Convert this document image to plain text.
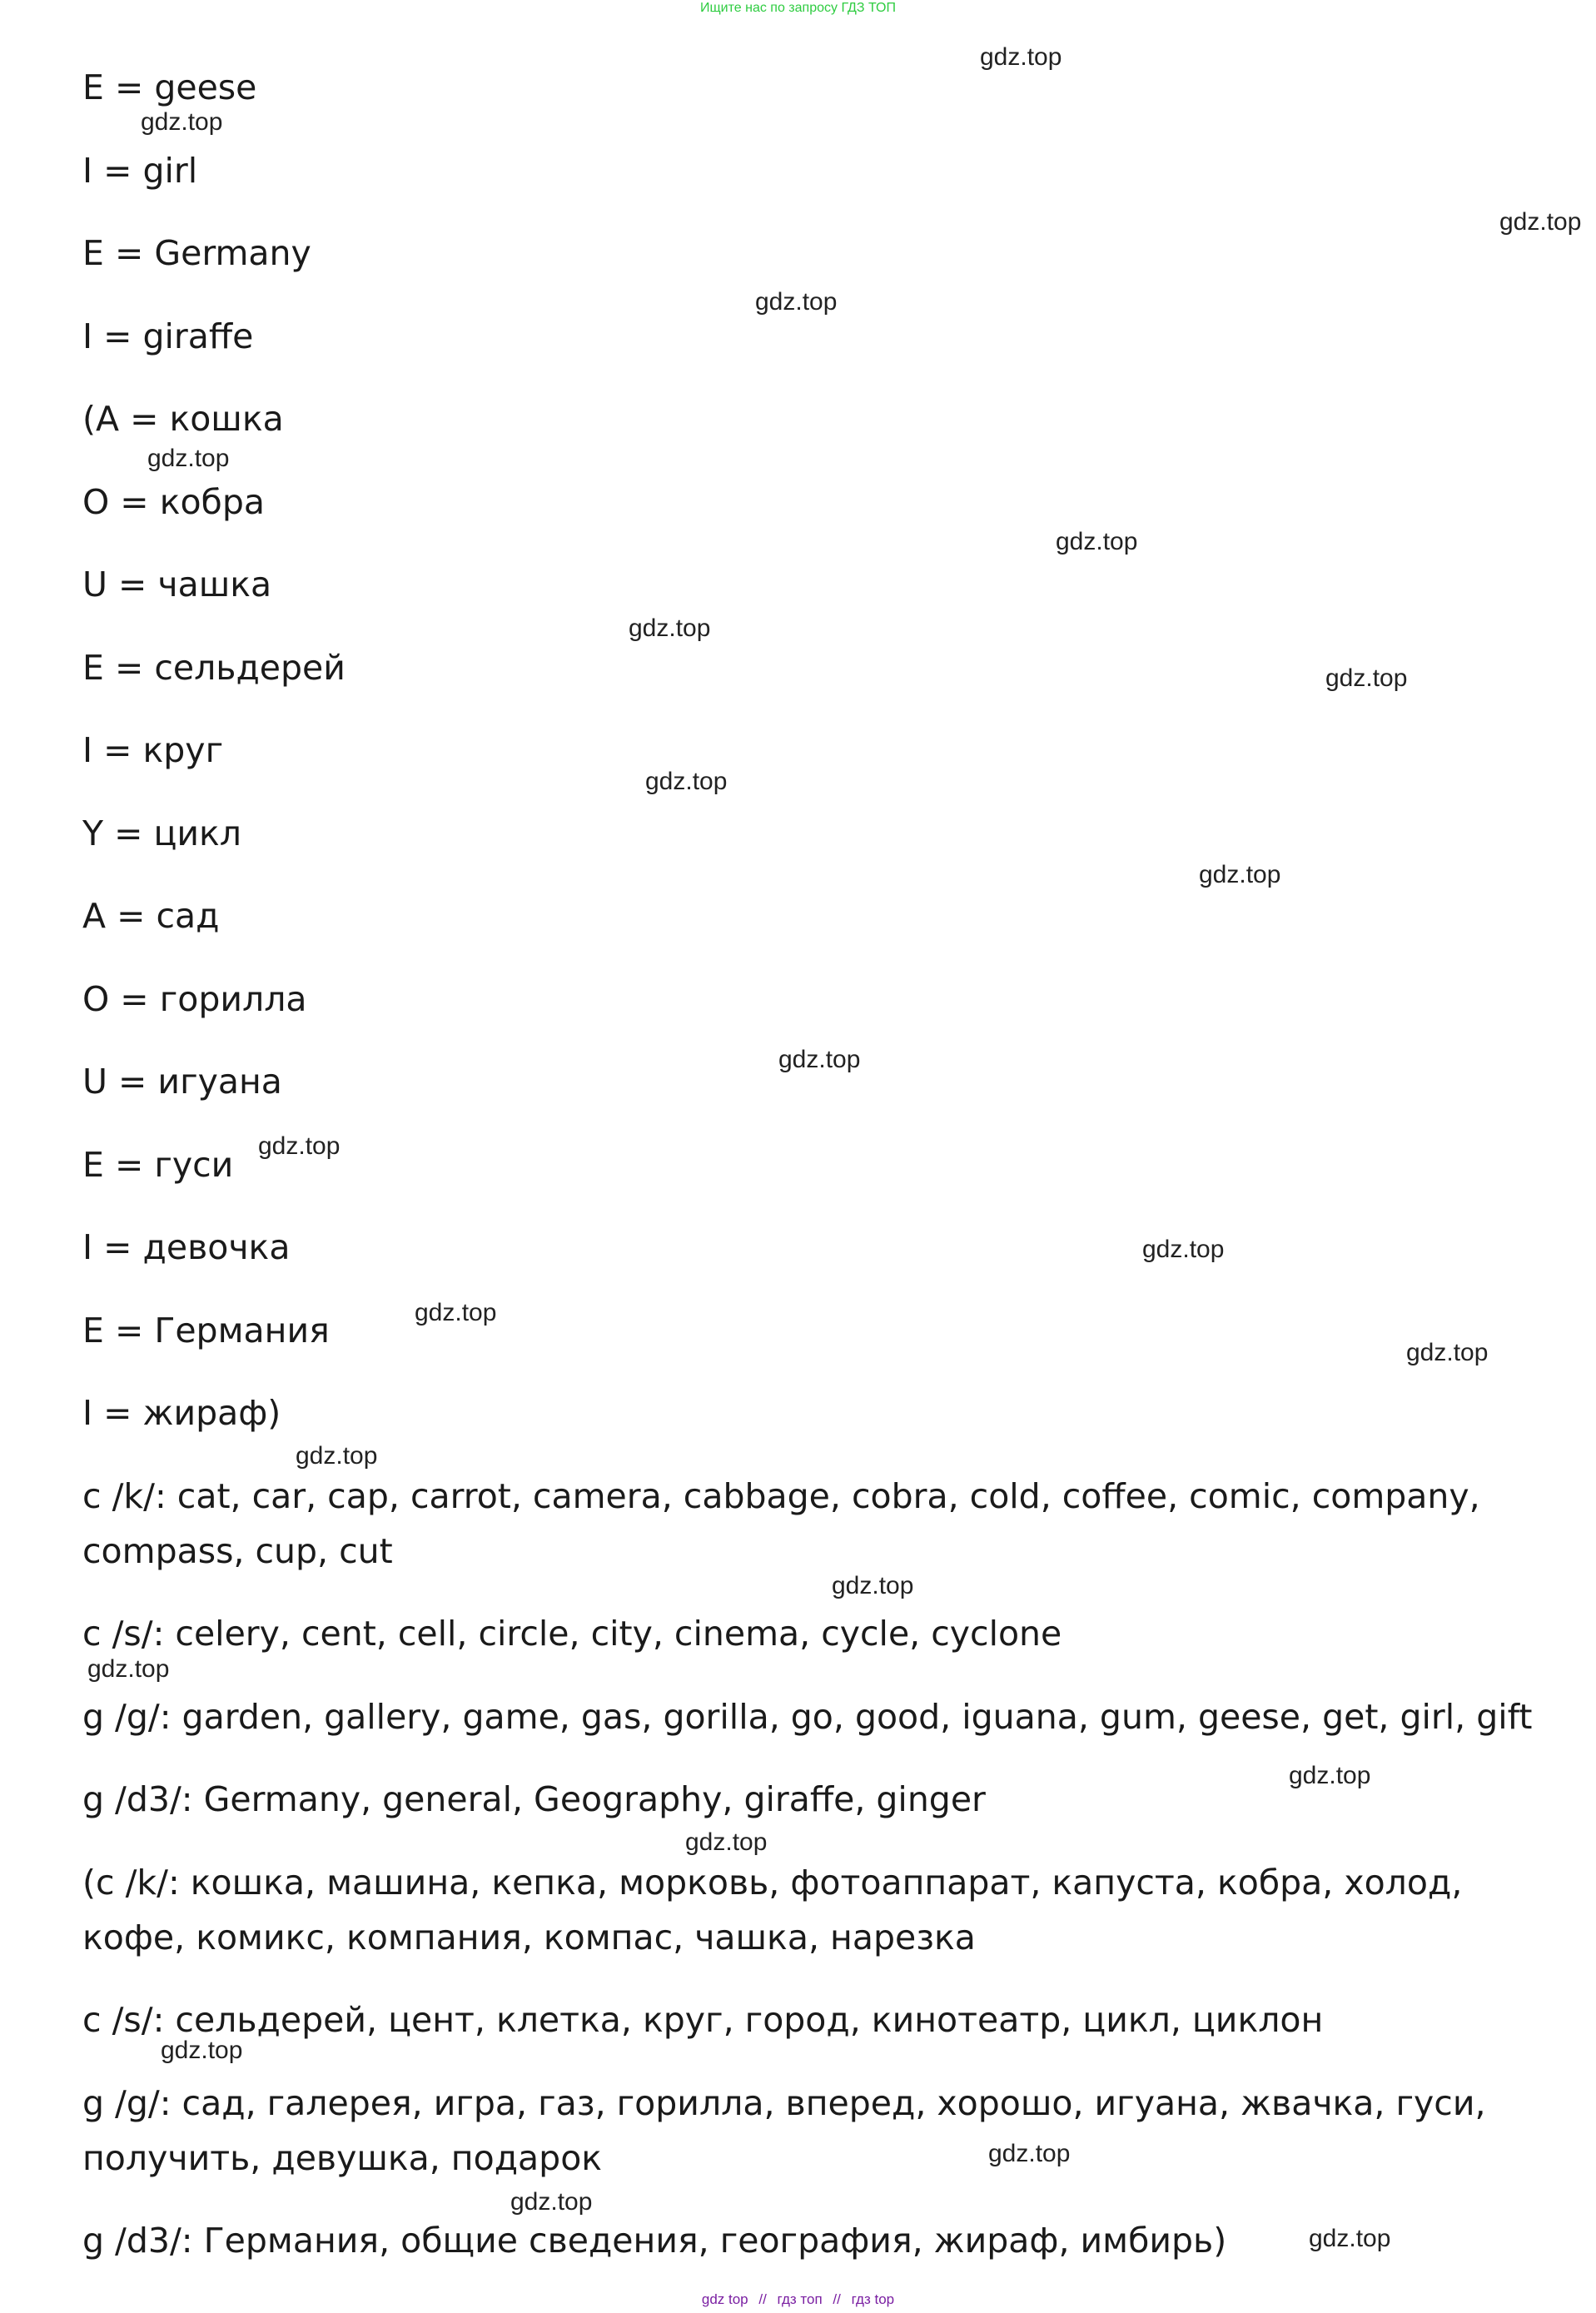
Ищите нас по запросу ГДЗ ТОП

E = geese

I = girl

E = Germany

I = giraffe

(A = кошка

O = кобра

U = чашка

E = сельдерей

I = круг

Y = цикл

A = сад

O = горилла

U = игуана

E = гуси

I = девочка

E = Германия

I = жираф)

c /k/: cat, car, cap, carrot, camera, cabbage, cobra, cold, coffee, comic, company, compass, cup, cut

c /s/: celery, cent, cell, circle, city, cinema, cycle, cyclone

g /g/: garden, gallery, game, gas, gorilla, go, good, iguana, gum, geese, get, girl, gift

g /d3/: Germany, general, Geography, giraffe, ginger

(c /k/: кошка, машина, кепка, морковь, фотоаппарат, капуста, кобра, холод, кофе, комикс, компания, компас, чашка, нарезка

c /s/: сельдерей, цент, клетка, круг, город, кинотеатр, цикл, циклон

g /g/: сад, галерея, игра, газ, горилла, вперед, хорошо, игуана, жвачка, гуси, получить, девушка, подарок

g /d3/: Германия, общие сведения, география, жираф, имбирь)

gdz.top
gdz.top
gdz.top
gdz.top
gdz.top
gdz.top
gdz.top
gdz.top
gdz.top
gdz.top
gdz.top
gdz.top
gdz.top
gdz.top
gdz.top
gdz.top
gdz.top
gdz.top
gdz.top
gdz.top
gdz.top
gdz.top
gdz.top
gdz.top
gdz top // гдз топ // гдз top
